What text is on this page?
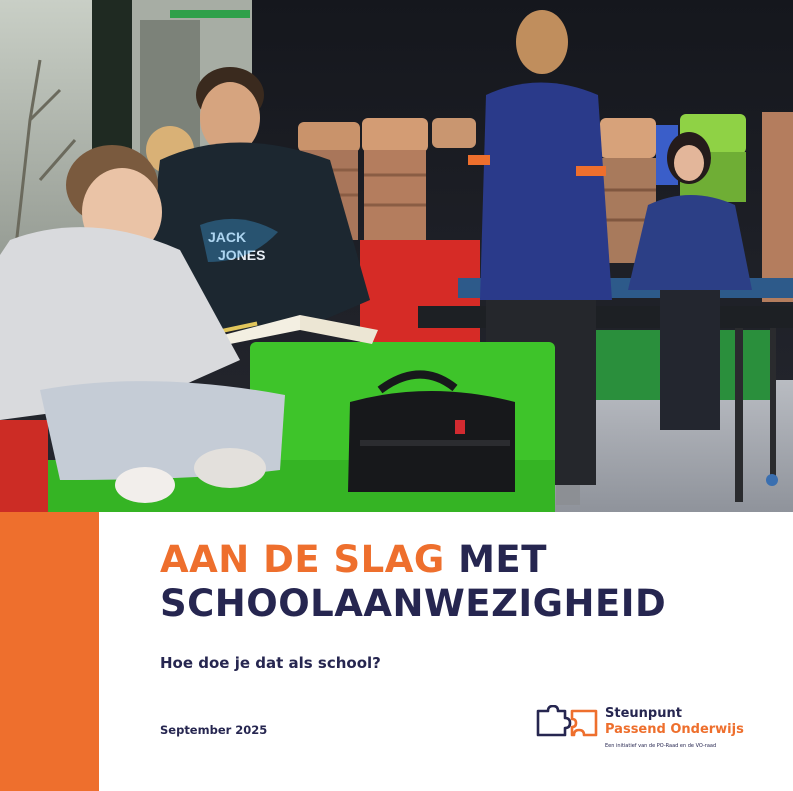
JACK
JONES
AAN DE SLAG MET
SCHOOLAANWEZIGHEID

Hoe doe je dat als school?

September 2025

Steunpunt
Passend Onderwijs
Een initiatief van de PO-Raad en de VO-raad
